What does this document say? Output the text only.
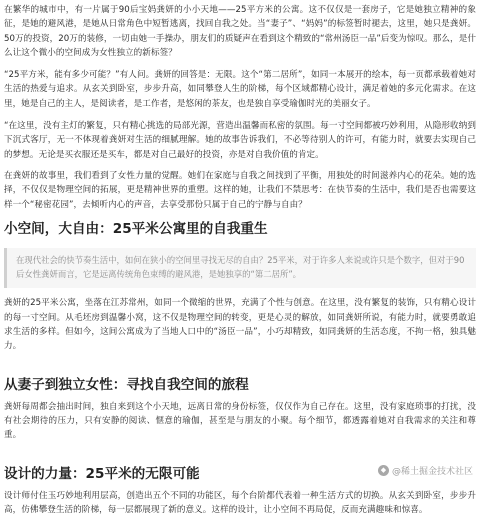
在繁华的城市中，有一片属于90后宝妈龚妍的小小天地——25平方米的公寓。这不仅仅是一套房子，它是她独立精神的象征，是她的避风港，是她从日常角色中短暂逃离，找回自我之处。当“妻子”、“妈妈”的标签暂时褪去，这里，她只是龚妍。50万的投资，20万的装修，一切由她一手操办，朋友们的质疑声在看到这个精致的“常州汤臣一品”后变为惊叹。那么，是什么让这个微小的空间成为女性独立的新标签？

“25平方米，能有多少可能？”有人问。龚妍的回答是：无限。这个“第二居所”，如同一本展开的绘本，每一页都承载着她对生活的热爱与追求。从玄关到卧室，步步升高，如同攀登人生的阶梯，每个区域都精心设计，满足着她的多元化需求。在这里，她是自己的主人，是阅读者，是工作者，是悠闲的茶友，也是独自享受瑜伽时光的美丽女子。

“在这里，没有主灯的繁复，只有精心挑选的局部光源，营造出温馨而私密的氛围。每一寸空间都被巧妙利用，从隐形收纳到下沉式客厅，无一不体现着龚妍对生活的细腻理解。她的故事告诉我们，不必等待别人的许可，有能力时，就要去实现自己的梦想。无论是买衣服还是买车，都是对自己最好的投资，亦是对自我价值的肯定。

在龚妍的故事里，我们看到了女性力量的觉醒。她们在家庭与自我之间找到了平衡，用独处的时间滋养内心的花朵。她的选择，不仅仅是物理空间的拓展，更是精神世界的重塑。这样的她，让我们不禁思考：在快节奏的生活中，我们是否也需要这样一个“秘密花园”，去倾听内心的声音，去享受那份只属于自己的宁静与自由？

小空间，大自由：25平米公寓里的自我重生
在现代社会的快节奏生活中，如何在狭小的空间里寻找无尽的自由？25平米，对于许多人来说或许只是个数字，但对于90后女性龚妍而言，它是远离传统角色束缚的避风港，是她独享的“第二居所”。

龚妍的25平米公寓，坐落在江苏常州，如同一个微缩的世界，充满了个性与创意。在这里，没有繁复的装饰，只有精心设计的每一寸空间。从毛坯房到温馨小窝，这不仅是物理空间的转变，更是心灵的解放，如同龚妍所说，有能力时，就要勇敢追求生活的多样。但如今，这间公寓成为了当地人口中的“汤臣一品”，小巧却精致，如同龚妍的生活态度，不拘一格，独具魅力。

从妻子到独立女性：寻找自我空间的旅程

龚妍每周都会抽出时间，独自来到这个小天地，远离日常的身份标签，仅仅作为自己存在。这里，没有家庭琐事的打扰，没有社会期待的压力，只有安静的阅读、惬意的瑜伽，甚至是与朋友的小聚。每个细节，都透露着她对自我需求的关注和尊重。

设计的力量：25平米的无限可能

设计师付住玉巧妙地利用层高，创造出五个不同的功能区，每个台阶都代表着一种生活方式的切换。从玄关到卧室，步步升高，仿佛攀登生活的阶梯，每一层都展现了新的意义。这样的设计，让小空间不再局促，反而充满趣味和惊喜。

◆ @稀土掘金技术社区
